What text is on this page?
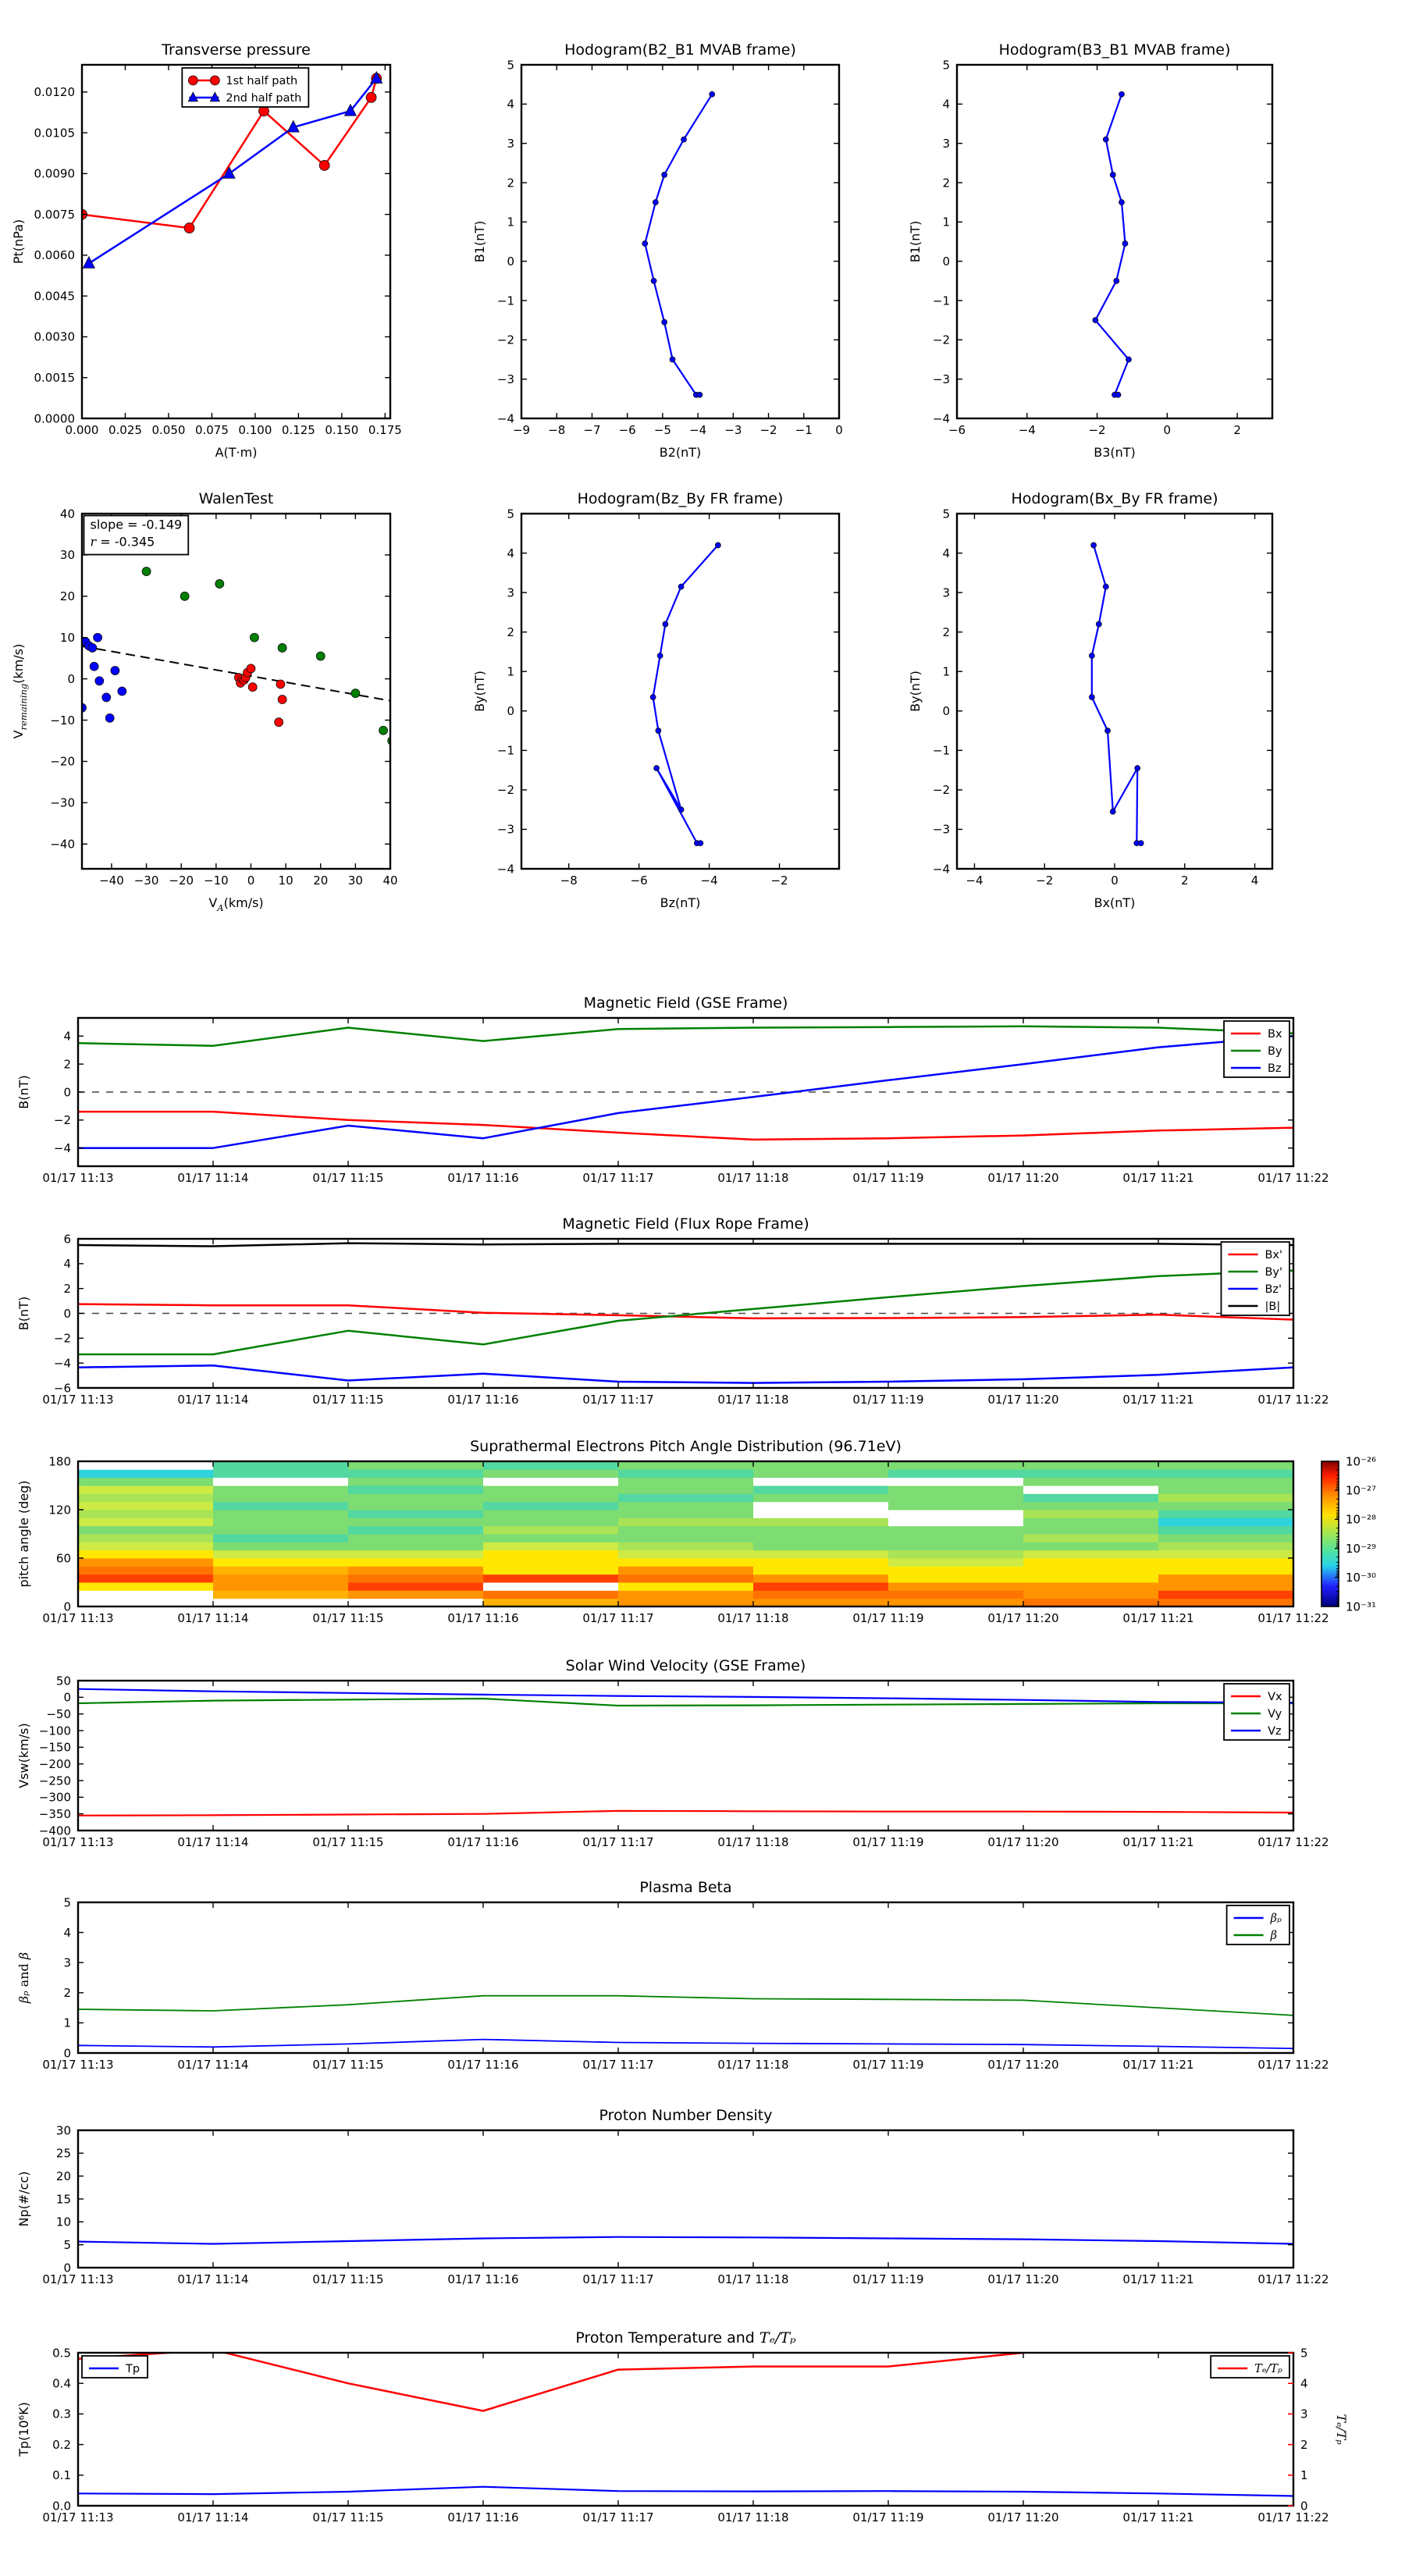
0.000 0.025 0.050 0.075 0.100 0.125 0.150 0.175
0.0000
0.0015
0.0030
0.0045
0.0060
0.0075
0.0090
0.0105
0.0120
Transverse pressure
A(T·m)
Pt(nPa)
1st half path
2nd half path
−9 −8 −7 −6 −5 −4 −3 −2 −1 0
−4
−3
−2
−1
0
1
2
3
4
5
Hodogram(B2_B1 MVAB frame)
B2(nT)
B1(nT)
−6	−4	−2	0	2
−4
−3
−2
−1
0
1
2
3
4
5
Hodogram(B3_B1 MVAB frame)
B3(nT)
B1(nT)
−40 −30 −20 −10 0 10 20 30 40
−40
−30
−20
−10
0
10
20
30
40
WalenTest
$V_A(km/s)$
$V_{remaining}(km/s)$
slope = -0.149
r = -0.345
−8	−6	−4	−2
−4
−3
−2
−1
0
1
2
3
4
5
Hodogram(Bz_By FR frame)
Bz(nT)
By(nT)
−4	−2	0	2	4
−4
−3
−2
−1
0
1
2
3
4
5
Hodogram(Bx_By FR frame)
Bx(nT)
By(nT)
01/17 11:13	01/17 11:14	01/17 11:15	01/17 11:16	01/17 11:17	01/17 11:18	01/17 11:19	01/17 11:20	01/17 11:21	01/17 11:22
−4
−2
0
2
4
Magnetic Field (GSE Frame)
B(nT)
Bx
By
Bz
01/17 11:13	01/17 11:14	01/17 11:15	01/17 11:16	01/17 11:17	01/17 11:18	01/17 11:19	01/17 11:20	01/17 11:21	01/17 11:22
−6
−4
−2
0
2
4
6
Magnetic Field (Flux Rope Frame)
B(nT)
Bx'
By'
Bz'
|B|
01/17 11:13	01/17 11:14	01/17 11:15	01/17 11:16	01/17 11:17	01/17 11:18	01/17 11:19	01/17 11:20	01/17 11:21	01/17 11:22
0
60
120
180
Suprathermal Electrons Pitch Angle Distribution (96.71eV)
pitch angle (deg)
10⁻²⁶
10⁻²⁷
10⁻²⁸
10⁻²⁹
10⁻³⁰
10⁻³¹
01/17 11:13	01/17 11:14	01/17 11:15	01/17 11:16	01/17 11:17	01/17 11:18	01/17 11:19	01/17 11:20	01/17 11:21	01/17 11:22
50
0
−50
−100
−150
−200
−250
−300
−350
−400
Solar Wind Velocity (GSE Frame)
Vsw(km/s)
Vx
Vy
Vz
01/17 11:13	01/17 11:14	01/17 11:15	01/17 11:16	01/17 11:17	01/17 11:18	01/17 11:19	01/17 11:20	01/17 11:21	01/17 11:22
0
1
2
3
4
5
Plasma Beta
βₚ and β
βₚ
β
01/17 11:13	01/17 11:14	01/17 11:15	01/17 11:16	01/17 11:17	01/17 11:18	01/17 11:19	01/17 11:20	01/17 11:21	01/17 11:22
0
5
10
15
20
25
30
Proton Number Density
Np(#/cc)
01/17 11:13	01/17 11:14	01/17 11:15	01/17 11:16	01/17 11:17	01/17 11:18	01/17 11:19	01/17 11:20	01/17 11:21	01/17 11:22
0.0
0.1
0.2
0.3
0.4
0.5
0
1
2
3
4
5
Tₑ/Tₚ
Proton Temperature and Tₑ/Tₚ
Tp(10⁶K)
Tp	Tₑ/Tₚ
